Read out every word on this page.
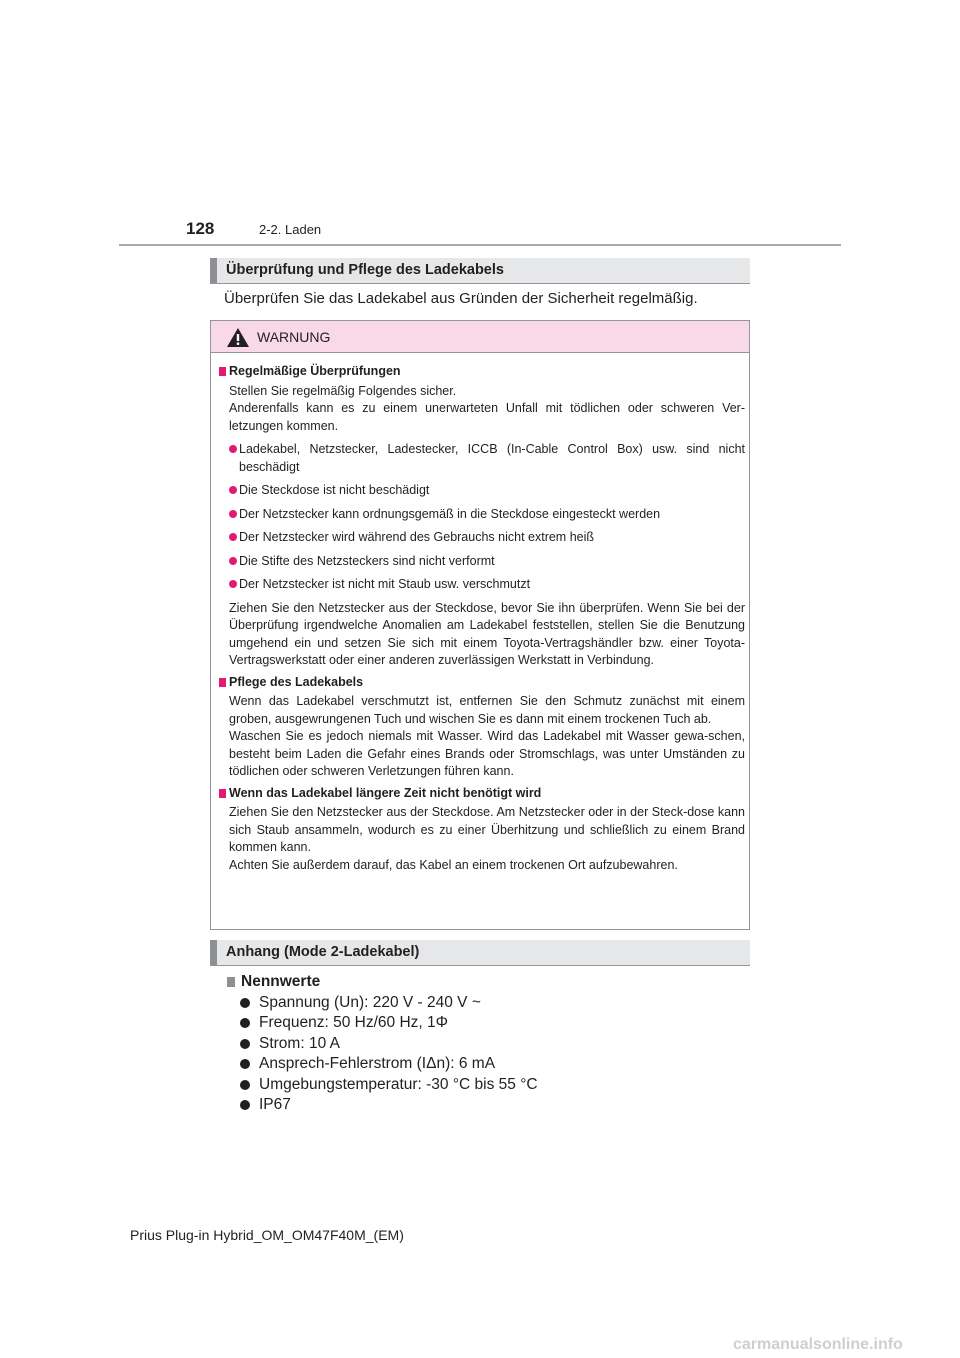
128	2-2. Laden
Überprüfung und Pflege des Ladekabels
Überprüfen Sie das Ladekabel aus Gründen der Sicherheit regelmäßig.
WARNUNG
Regelmäßige Überprüfungen
Stellen Sie regelmäßig Folgendes sicher.
Anderenfalls kann es zu einem unerwarteten Unfall mit tödlichen oder schweren Ver-letzungen kommen.
Ladekabel, Netzstecker, Ladestecker, ICCB (In-Cable Control Box) usw. sind nicht beschädigt
Die Steckdose ist nicht beschädigt
Der Netzstecker kann ordnungsgemäß in die Steckdose eingesteckt werden
Der Netzstecker wird während des Gebrauchs nicht extrem heiß
Die Stifte des Netzsteckers sind nicht verformt
Der Netzstecker ist nicht mit Staub usw. verschmutzt
Ziehen Sie den Netzstecker aus der Steckdose, bevor Sie ihn überprüfen. Wenn Sie bei der Überprüfung irgendwelche Anomalien am Ladekabel feststellen, stellen Sie die Benutzung umgehend ein und setzen Sie sich mit einem Toyota-Vertragshändler bzw. einer Toyota-Vertragswerkstatt oder einer anderen zuverlässigen Werkstatt in Verbindung.
Pflege des Ladekabels
Wenn das Ladekabel verschmutzt ist, entfernen Sie den Schmutz zunächst mit einem groben, ausgewrungenen Tuch und wischen Sie es dann mit einem trockenen Tuch ab.
Waschen Sie es jedoch niemals mit Wasser. Wird das Ladekabel mit Wasser gewa-schen, besteht beim Laden die Gefahr eines Brands oder Stromschlags, was unter Umständen zu tödlichen oder schweren Verletzungen führen kann.
Wenn das Ladekabel längere Zeit nicht benötigt wird
Ziehen Sie den Netzstecker aus der Steckdose. Am Netzstecker oder in der Steck-dose kann sich Staub ansammeln, wodurch es zu einer Überhitzung und schließlich zu einem Brand kommen kann.
Achten Sie außerdem darauf, das Kabel an einem trockenen Ort aufzubewahren.
Anhang (Mode 2-Ladekabel)
Nennwerte
Spannung (Un): 220 V - 240 V ~
Frequenz: 50 Hz/60 Hz, 1Φ
Strom: 10 A
Ansprech-Fehlerstrom (IΔn): 6 mA
Umgebungstemperatur: -30 °C bis 55 °C
IP67
Prius Plug-in Hybrid_OM_OM47F40M_(EM)
carmanualsonline.info
